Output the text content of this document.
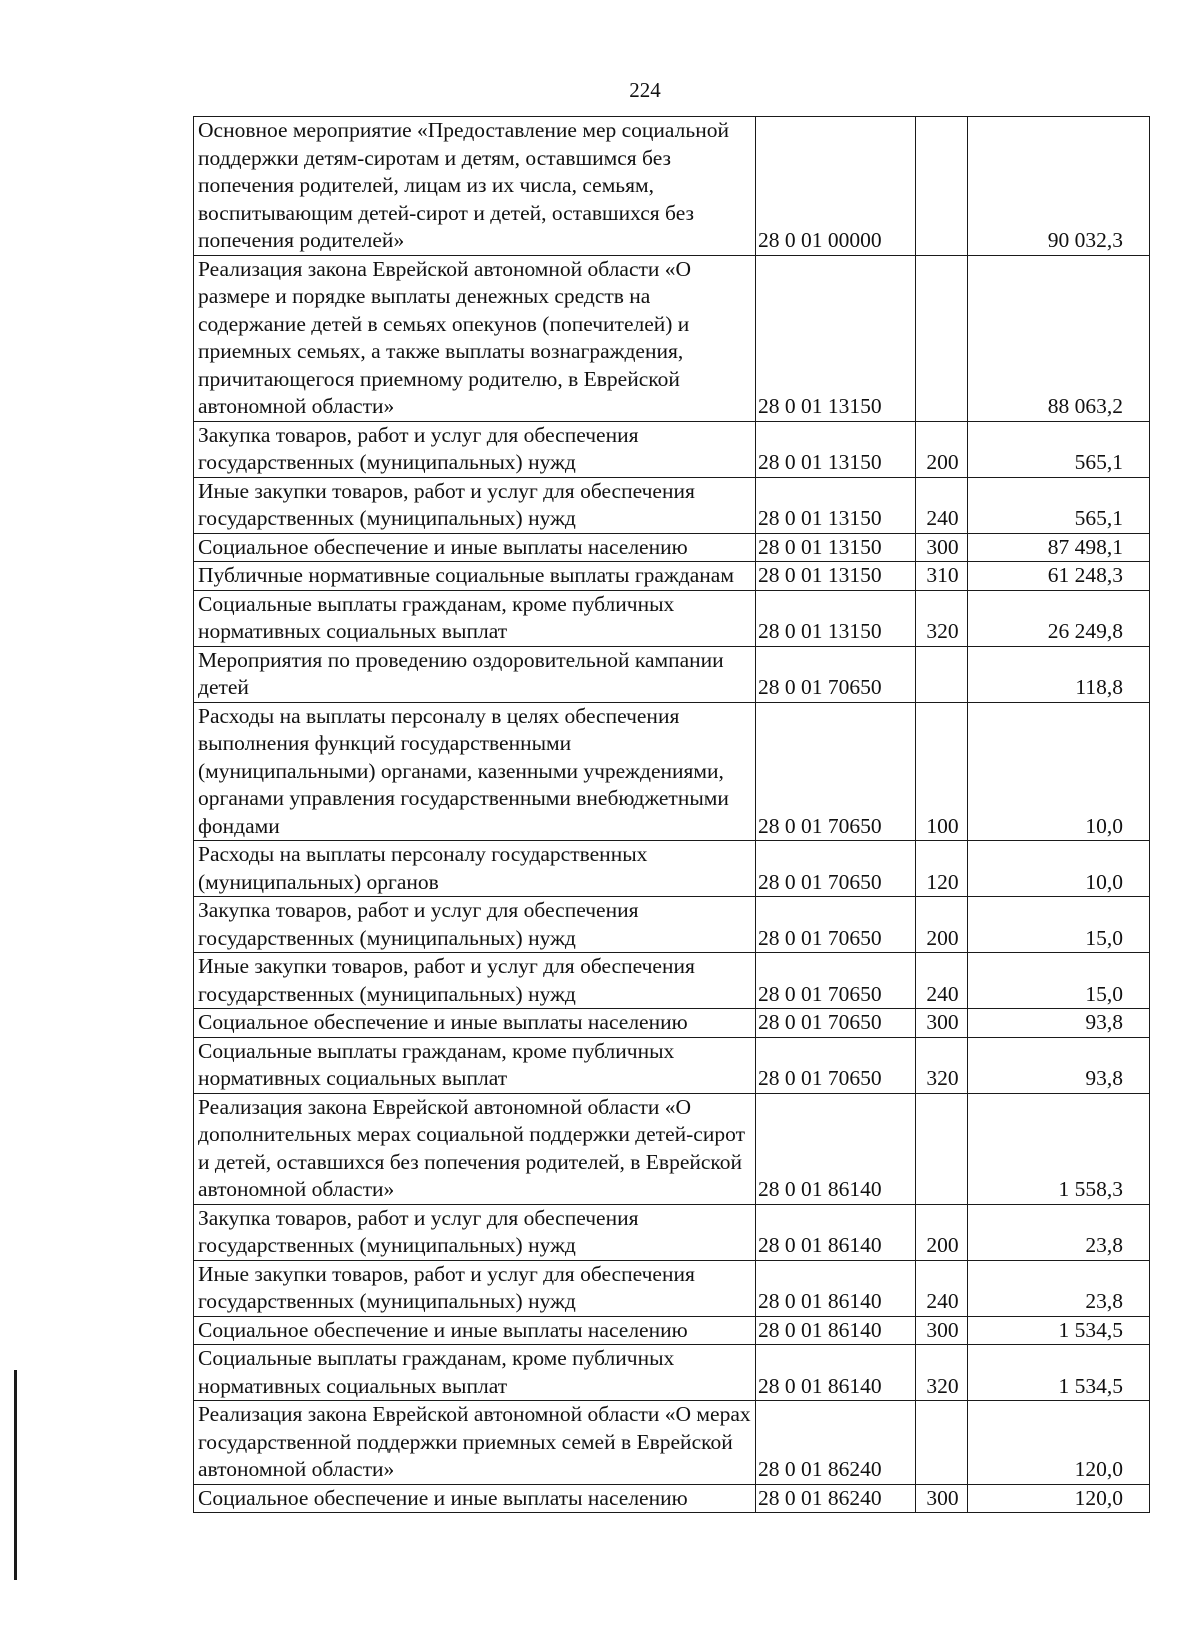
224
Основное мероприятие «Предоставление мер социальной поддержки детям-сиротам и детям, оставшимся без попечения родителей, лицам из их числа, семьям, воспитывающим детей-сирот и детей, оставшихся без попечения родителей»	28 0 01 00000		90 032,3
Реализация закона Еврейской автономной области «О размере и порядке выплаты денежных средств на содержание детей в семьях опекунов (попечителей) и приемных семьях, а также выплаты вознаграждения, причитающегося приемному родителю, в Еврейской автономной области»	28 0 01 13150		88 063,2
Закупка товаров, работ и услуг для обеспечения государственных (муниципальных) нужд	28 0 01 13150	200	565,1
Иные закупки товаров, работ и услуг для обеспечения государственных (муниципальных) нужд	28 0 01 13150	240	565,1
Социальное обеспечение и иные выплаты населению	28 0 01 13150	300	87 498,1
Публичные нормативные социальные выплаты гражданам	28 0 01 13150	310	61 248,3
Социальные выплаты гражданам, кроме публичных нормативных социальных выплат	28 0 01 13150	320	26 249,8
Мероприятия по проведению оздоровительной кампании детей	28 0 01 70650		118,8
Расходы на выплаты персоналу в целях обеспечения выполнения функций государственными (муниципальными) органами, казенными учреждениями, органами управления государственными внебюджетными фондами	28 0 01 70650	100	10,0
Расходы на выплаты персоналу государственных (муниципальных) органов	28 0 01 70650	120	10,0
Закупка товаров, работ и услуг для обеспечения государственных (муниципальных) нужд	28 0 01 70650	200	15,0
Иные закупки товаров, работ и услуг для обеспечения государственных (муниципальных) нужд	28 0 01 70650	240	15,0
Социальное обеспечение и иные выплаты населению	28 0 01 70650	300	93,8
Социальные выплаты гражданам, кроме публичных нормативных социальных выплат	28 0 01 70650	320	93,8
Реализация закона Еврейской автономной области «О дополнительных мерах социальной поддержки детей-сирот и детей, оставшихся без попечения родителей, в Еврейской автономной области»	28 0 01 86140		1 558,3
Закупка товаров, работ и услуг для обеспечения государственных (муниципальных) нужд	28 0 01 86140	200	23,8
Иные закупки товаров, работ и услуг для обеспечения государственных (муниципальных) нужд	28 0 01 86140	240	23,8
Социальное обеспечение и иные выплаты населению	28 0 01 86140	300	1 534,5
Социальные выплаты гражданам, кроме публичных нормативных социальных выплат	28 0 01 86140	320	1 534,5
Реализация закона Еврейской автономной области «О мерах государственной поддержки приемных семей в Еврейской автономной области»	28 0 01 86240		120,0
Социальное обеспечение и иные выплаты населению	28 0 01 86240	300	120,0
